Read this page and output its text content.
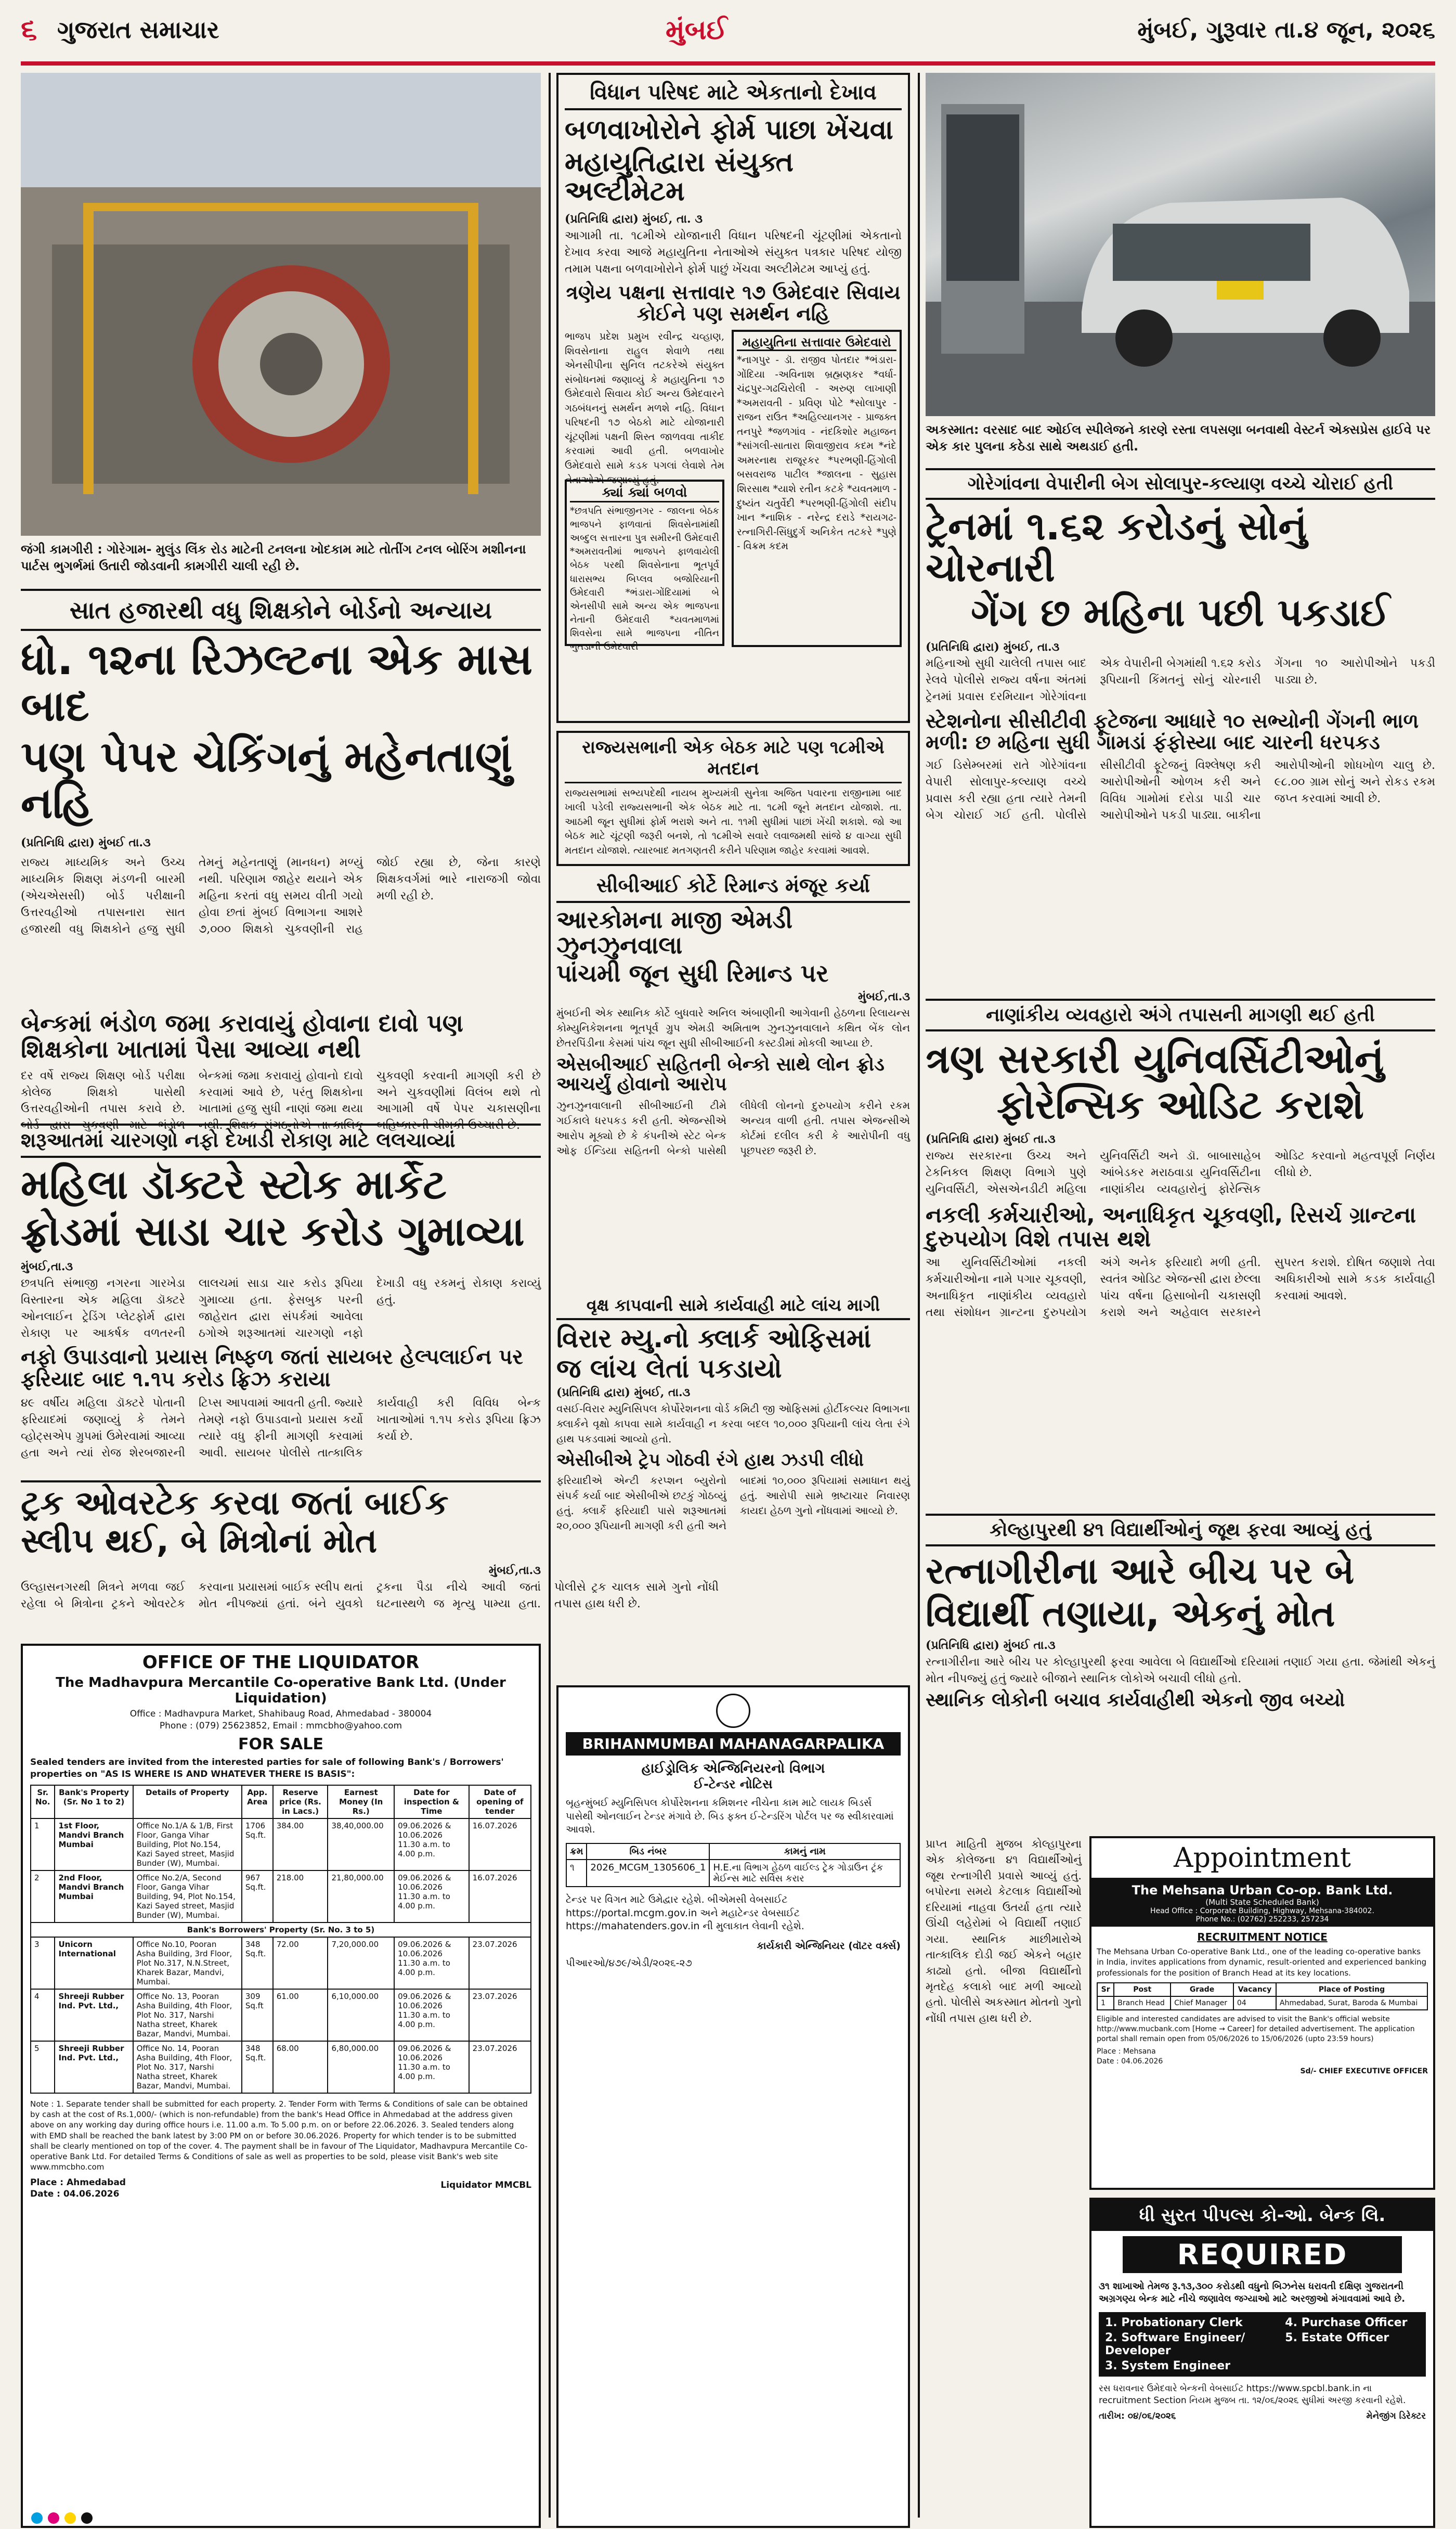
૬ ગુજરાત સમાચાર	મુંબઈ	મુંબઈ, ગુરૂવાર તા.૪ જૂન, ૨૦૨૬
જંગી કામગીરી : ગોરેગામ- મુલુંડ લિંક રોડ માટેની ટનલના ખોદકામ માટે તોતીંગ ટનલ બોરિંગ મશીનના પાર્ટસ ભુગર્ભમાં ઉતારી જોડવાની કામગીરી ચાલી રહી છે.

સાત હજારથી વધુ શિક્ષકોને બોર્ડનો અન્યાય

ધો. ૧૨ના રિઝલ્ટના એક માસ બાદ

પણ પેપર ચેકિંગનું મહેનતાણું નહિ

(પ્રતિનિધિ દ્વારા) મુંબઈ તા.૩

રાજ્ય માધ્યમિક અને ઉચ્ચ માધ્યમિક શિક્ષણ મંડળની બારમી (એચએસસી) બોર્ડ પરીક્ષાની ઉત્તરવહીઓ તપાસનારા સાત હજારથી વધુ શિક્ષકોને હજુ સુધી તેમનું મહેનતાણું (માનધન) મળ્યું નથી. પરિણામ જાહેર થયાને એક મહિના કરતાં વધુ સમય વીતી ગયો હોવા છતાં મુંબઈ વિભાગના આશરે ૭,૦૦૦ શિક્ષકો ચુકવણીની રાહ જોઈ રહ્યા છે, જેના કારણે શિક્ષકવર્ગમાં ભારે નારાજગી જોવા મળી રહી છે.

બેન્કમાં ભંડોળ જમા કરાવાયું હોવાના દાવો પણ શિક્ષકોના ખાતામાં પૈસા આવ્યા નથી

દર વર્ષે રાજ્ય શિક્ષણ બોર્ડ પરીક્ષા કોલેજ શિક્ષકો પાસેથી ઉત્તરવહીઓની તપાસ કરાવે છે. બેન્કમાં જમા કરાવાયું હોવાનો દાવો કરવામાં આવે છે, પરંતુ શિક્ષકોના ખાતામાં હજુ સુધી નાણાં જમા થયા ચુકવણી કરવાની માગણી કરી છે અને ચુકવણીમાં વિલંબ થશે તો આગામી વર્ષે પેપર ચકાસણીના

શરૂઆતમાં ચારગણો નફો દેખાડી રોકાણ માટે લલચાવ્યાં

મહિલા ડૉક્ટરે સ્ટોક માર્કેટ

ફ્રોડમાં સાડા ચાર કરોડ ગુમાવ્યા

મુંબઈ,તા.૩

છત્રપતિ સંભાજી નગરના ગારખેડા વિસ્તારના એક મહિલા ડૉક્ટરે ઓનલાઈન ટ્રેડિંગ પ્લેટફોર્મ દ્વારા રોકાણ પર આકર્ષક વળતરની લાલચમાં સાડા ચાર કરોડ રૂપિયા ગુમાવ્યા હતા. ફેસબુક પરની જાહેરાત દ્વારા સંપર્કમાં આવેલા ઠગોએ શરૂઆતમાં ચારગણો નફો દેખાડી વધુ રકમનું રોકાણ કરાવ્યું હતું.

નફો ઉપાડવાનો પ્રયાસ નિષ્ફળ જતાં સાયબર હેલ્પલાઈન પર ફરિયાદ બાદ ૧.૧૫ કરોડ ફ્રિઝ કરાયા

૪૯ વર્ષીય મહિલા ડૉક્ટરે પોતાની ફરિયાદમાં જણાવ્યું કે તેમને વ્હોટ્સએપ ગ્રુપમાં ઉમેરવામાં આવ્યા હતા અને ત્યાં રોજ શેરબજારની ટિપ્સ આપવામાં આવતી હતી. જ્યારે તેમણે નફો ઉપાડવાનો પ્રયાસ કર્યો ત્યારે વધુ ફીની માગણી કરવામાં આવી. સાયબર પોલીસે તાત્કાલિક કાર્યવાહી કરી વિવિધ બેન્ક ખાતાઓમાં ૧.૧૫ કરોડ રૂપિયા ફ્રિઝ કર્યા છે.

ટ્રક ઓવરટેક કરવા જતાં બાઈક

સ્લીપ થઈ, બે મિત્રોનાં મોત

મુંબઈ,તા.૩

ઉલ્હાસનગરથી મિત્રને મળવા જઈ રહેલા બે મિત્રોના ટ્રકને ઓવરટેક કરવાના પ્રયાસમાં બાઈક સ્લીપ થતાં મોત નીપજ્યાં હતાં. બંને યુવકો ટ્રકના પૈડા નીચે આવી જતાં ઘટનાસ્થળે જ મૃત્યુ પામ્યા હતા. પોલીસે ટ્રક ચાલક સામે ગુનો નોંધી તપાસ હાથ ધરી છે.
OFFICE OF THE LIQUIDATOR
The Madhavpura Mercantile Co-operative Bank Ltd. (Under Liquidation)
Office : Madhavpura Market, Shahibaug Road, Ahmedabad - 380004
Phone : (079) 25623852, Email : mmcbho@yahoo.com
FOR SALE
Sealed tenders are invited from the interested parties for sale of following Bank's / Borrowers' properties on "AS IS WHERE IS AND WHATEVER THERE IS BASIS":
Sr. No.	Bank's Property (Sr. No 1 to 2)	Details of Property	App. Area	Reserve price (Rs. in Lacs.)	Earnest Money (In Rs.)	Date for inspection & Time	Date of opening of tender
1	1st Floor, Mandvi Branch Mumbai	Office No.1/A & 1/B, First Floor, Ganga Vihar Building, Plot No.154, Kazi Sayed street, Masjid Bunder (W), Mumbai.	1706 Sq.ft.	384.00	38,40,000.00	09.06.2026 & 10.06.2026 11.30 a.m. to 4.00 p.m.	16.07.2026
2	2nd Floor, Mandvi Branch Mumbai	Office No.2/A, Second Floor, Ganga Vihar Building, 94, Plot No.154, Kazi Sayed street, Masjid Bunder (W), Mumbai.	967 Sq.ft.	218.00	21,80,000.00	09.06.2026 & 10.06.2026 11.30 a.m. to 4.00 p.m.	16.07.2026
Bank's Borrowers' Property (Sr. No. 3 to 5)							
3	Unicorn International	Office No.10, Pooran Asha Building, 3rd Floor, Plot No.317, N.N.Street, Kharek Bazar, Mandvi, Mumbai.	348 Sq.ft.	72.00	7,20,000.00	09.06.2026 & 10.06.2026 11.30 a.m. to 4.00 p.m.	23.07.2026
4	Shreeji Rubber Ind. Pvt. Ltd.,	Office No. 13, Pooran Asha Building, 4th Floor, Plot No. 317, Narshi Natha street, Kharek Bazar, Mandvi, Mumbai.	309 Sq.ft	61.00	6,10,000.00	09.06.2026 & 10.06.2026 11.30 a.m. to 4.00 p.m.	23.07.2026
5	Shreeji Rubber Ind. Pvt. Ltd.,	Office No. 14, Pooran Asha Building, 4th Floor, Plot No. 317, Narshi Natha street, Kharek Bazar, Mandvi, Mumbai.	348 Sq.ft.	68.00	6,80,000.00	09.06.2026 & 10.06.2026 11.30 a.m. to 4.00 p.m.	23.07.2026
Note : 1. Separate tender shall be submitted for each property. 2. Tender Form with Terms & Conditions of sale can be obtained by cash at the cost of Rs.1,000/- (which is non-refundable) from the bank's Head Office in Ahmedabad at the address given above on any working day during office hours i.e. 11.00 a.m. To 5.00 p.m. on or before 22.06.2026. 3. Sealed tenders along with EMD shall be reached the bank latest by 3:00 PM on or before 30.06.2026. Property for which tender is to be submitted shall be clearly mentioned on top of the cover. 4. The payment shall be in favour of The Liquidator, Madhavpura Mercantile Co-operative Bank Ltd. For detailed Terms & Conditions of sale as well as properties to be sold, please visit Bank's web site www.mmcbho.com
Place : Ahmedabad
Date : 04.06.2026
Liquidator MMCBL

વિધાન પરિષદ માટે એકતાનો દેખાવ

બળવાખોરોને ફોર્મ પાછા ખેંચવા

મહાયુતિદ્વારા સંયુક્ત અલ્ટીમેટમ

(પ્રતિનિધિ દ્વારા) મુંબઈ, તા. ૩

આગામી તા. ૧૮મીએ યોજાનારી વિધાન પરિષદની ચૂંટણીમાં એકતાનો દેખાવ કરવા આજે મહાયુતિના નેતાઓએ સંયુક્ત પત્રકાર પરિષદ યોજી તમામ પક્ષના બળવાખોરોને ફોર્મ પાછું ખેંચવા અલ્ટીમેટમ આપ્યું હતું.

ત્રણેય પક્ષના સત્તાવાર ૧૭ ઉમેદવાર સિવાય કોઈને પણ સમર્થન નહિ

ભાજપ પ્રદેશ પ્રમુખ રવીન્દ્ર ચવ્હાણ, શિવસેનાના રાહુલ શેવાળે તથા એનસીપીના સુનિલ તટકરેએ સંયુક્ત સંબોધનમાં જણાવ્યું કે મહાયુતિના ૧૭ ઉમેદવારો સિવાય કોઈ અન્ય ઉમેદવારને ગઠબંધનનું સમર્થન મળશે નહિ. વિધાન પરિષદની ૧૭ બેઠકો માટે યોજાનારી ચૂંટણીમાં પક્ષની શિસ્ત જાળવવા તાકીદ કરવામાં આવી હતી. બળવાખોર ઉમેદવારો સામે કડક પગલાં લેવાશે તેમ નેતાઓએ જણાવ્યું હતું.
ક્યાં ક્યાં બળવો
*છત્રપતિ સંભાજીનગર - જાલના બેઠક ભાજપને ફાળવાતાં શિવસેનામાંથી અબ્દુલ સત્તારના પુત્ર સમીરની ઉમેદવારી *અમરાવતીમાં ભાજપને ફાળવાયેલી બેઠક પરથી શિવસેનાના ભૂતપૂર્વ ધારાસભ્ય બિપ્લવ બજોરિયાની ઉમેદવારી *ભંડારા-ગોંદિયામાં બે એનસીપી સામે અન્ય એક ભાજપના નેતાની ઉમેદવારી *યવતમાળમાં શિવસેના સામે ભાજપના નીતિન ભુતડાની ઉમેદવારી
મહાયુતિના સત્તાવાર ઉમેદવારો
*નાગપુર - ડૉ. રાજીવ પોતદાર *ભંડારા-ગોંદિયા -અવિનાશ બ્રહ્મણકર *વર્ધા-ચંદ્રપુર-ગઢચિરોલી - અરુણ લાખાણી *અમરાવતી - પ્રવિણ પોટે *સોલાપુર - રાજન રાઉત *અહિલ્યાનગર - પ્રાજક્ત તનપુરે *જળગાંવ - નંદકિશોર મહાજન *સાંગલી-સાતારા શિવાજીરાવ કદમ *નંદે અમરનાથ રાજૂરકર *પરભણી-હિંગોલી બસવરાજ પાટીલ *જાલના - સુહાસ શિરસાથ *યાશે રતીન કટકે *યવતમાળ - દુષ્યંત ચતુર્વેદી *પરભણી-હિંગોલી સંદીપ ખાન *નાશિક - નરેન્દ્ર દરાડે *રાયગઢ-રત્નાગિરી-સિંધુદુર્ગ અનિકેત તટકરે *પુણે - વિક્રમ કદમ

રાજ્યસભાની એક બેઠક માટે પણ ૧૮મીએ મતદાન

રાજ્યસભામાં સભ્યપદેથી નાયબ મુખ્યમંત્રી સુનેત્રા અજિત પવારના રાજીનામા બાદ ખાલી પડેલી રાજ્યસભાની એક બેઠક માટે તા. ૧૮મી જૂને મતદાન યોજાશે. તા. આઠમી જૂન સુધીમાં ફોર્મ ભરાશે અને તા. ૧૧મી સુધીમાં પાછાં ખેંચી શકાશે. જો આ બેઠક માટે ચૂંટણી જરૂરી બનશે, તો ૧૮મીએ સવારે લવાજમથી સાંજે ૪ વાગ્યા સુધી મતદાન યોજાશે. ત્યારબાદ મતગણતરી કરીને પરિણામ જાહેર કરવામાં આવશે.

સીબીઆઈ કોર્ટે રિમાન્ડ મંજૂર કર્યા

આરકોમના માજી એમડી ઝુનઝુનવાલા

પાંચમી જૂન સુધી રિમાન્ડ પર

મુંબઈ,તા.૩

મુંબઈની એક સ્થાનિક કોર્ટે બુધવારે અનિલ અંબાણીની આગેવાની હેઠળના રિલાયન્સ કોમ્યુનિકેશનના ભૂતપૂર્વ ગ્રુપ એમડી અમિતાભ ઝુનઝુનવાલાને કથિત બેંક લોન છેતરપિંડીના કેસમાં પાંચ જૂન સુધી સીબીઆઈની કસ્ટડીમાં મોકલી આપ્યા છે.

એસબીઆઈ સહિતની બેન્કો સાથે લોન ફ્રોડ આચર્યું હોવાનો આરોપ

ઝુનઝુનવાલાની સીબીઆઈની ટીમે ગઈકાલે ધરપકડ કરી હતી. એજન્સીએ આરોપ મૂક્યો છે કે કંપનીએ સ્ટેટ બેન્ક ઓફ ઈન્ડિયા સહિતની બેન્કો પાસેથી લીધેલી લોનનો દુરુપયોગ કરીને રકમ અન્યત્ર વાળી હતી. તપાસ એજન્સીએ કોર્ટમાં દલીલ કરી કે આરોપીની વધુ પૂછપરછ જરૂરી છે.

વૃક્ષ કાપવાની સામે કાર્યવાહી માટે લાંચ માગી

વિરાર મ્યુ.નો ક્લાર્ક ઓફિસમાં

જ લાંચ લેતાં પકડાયો

(પ્રતિનિધિ દ્વારા) મુંબઈ, તા.૩

વસઈ-વિરાર મ્યુનિસિપલ કોર્પોરેશનના વોર્ડ કમિટી જી ઓફિસમાં હોર્ટીકલ્ચર વિભાગના ક્લાર્કને વૃક્ષો કાપવા સામે કાર્યવાહી ન કરવા બદલ ૧૦,૦૦૦ રૂપિયાની લાંચ લેતા રંગે હાથ પકડવામાં આવ્યો હતો.

એસીબીએ ટ્રેપ ગોઠવી રંગે હાથ ઝડપી લીધો

ફરિયાદીએ એન્ટી કરપ્શન બ્યુરોનો સંપર્ક કર્યા બાદ એસીબીએ છટકું ગોઠવ્યું હતું. ક્લાર્કે ફરિયાદી પાસે શરૂઆતમાં ૨૦,૦૦૦ રૂપિયાની માગણી કરી હતી અને બાદમાં ૧૦,૦૦૦ રૂપિયામાં સમાધાન થયું હતું. આરોપી સામે ભ્રષ્ટાચાર નિવારણ કાયદા હેઠળ ગુનો નોંધવામાં આવ્યો છે.
BRIHANMUMBAI MAHANAGARPALIKA
હાઈડ્રોલિક એન્જિનિયરનો વિભાગ
ઈ-ટેન્ડર નોટિસ
બૃહન્મુંબઈ મ્યુનિસિપલ કોર્પોરેશનના કમિશનર નીચેના કામ માટે લાયક બિડર્સ પાસેથી ઓનલાઈન ટેન્ડર મંગાવે છે. બિડ ફક્ત ઈ-ટેન્ડરિંગ પોર્ટલ પર જ સ્વીકારવામાં આવશે.
ક્રમ	બિડ નંબર	કામનું નામ
૧	2026_MCGM_1305606_1	H.E.ના વિભાગ હેઠળ વાઈલ્ડ ટ્રેક ગોડાઉન ટ્રંક મેઈન્સ માટે સર્વિસ કરાર
ટેન્ડર પર વિગત માટે ઉમેદ્વાર રહેશે. બીએમસી વેબસાઈટ https://portal.mcgm.gov.in અને મહાટેન્ડર વેબસાઈટ https://mahatenders.gov.in ની મુલાકાત લેવાની રહેશે.
કાર્યકારી એન્જિનિયર (વૉટર વર્ક્સ)
પીઆરઓ/૪૭૯/એડી/૨૦૨૬-૨૭
અકસ્માત: વરસાદ બાદ ઓઈલ સ્પીલેજને કારણે રસ્તા લપસણા બનવાથી વેસ્ટર્ન એક્સપ્રેસ હાઈવે પર એક કાર પુલના કઠેડા સાથે અથડાઈ હતી.

ગોરેગાંવના વેપારીની બેગ સોલાપુર-કલ્યાણ વચ્ચે ચોરાઈ હતી

ટ્રેનમાં ૧.૬૨ કરોડનું સોનું ચોરનારી

ગેંગ છ મહિના પછી પકડાઈ

(પ્રતિનિધિ દ્વારા) મુંબઈ, તા.૩

મહિનાઓ સુધી ચાલેલી તપાસ બાદ રેલવે પોલીસે રાજ્ય વર્ષના અંતમાં ટ્રેનમાં પ્રવાસ દરમિયાન ગોરેગાંવના એક વેપારીની બેગમાંથી ૧.૬૨ કરોડ રૂપિયાની કિંમતનું સોનું ચોરનારી ગેંગના ૧૦ આરોપીઓને પકડી પાડ્યા છે.

સ્ટેશનોના સીસીટીવી ફૂટેજના આધારે ૧૦ સભ્યોની ગેંગની ભાળ મળી: છ મહિના સુધી ગામડાં ફંફોસ્યા બાદ ચારની ધરપકડ

ગઈ ડિસેમ્બરમાં રાતે ગોરેગાંવના વેપારી સોલાપુર-કલ્યાણ વચ્ચે પ્રવાસ કરી રહ્યા હતા ત્યારે તેમની બેગ ચોરાઈ ગઈ હતી. પોલીસે સીસીટીવી ફૂટેજનું વિશ્લેષણ કરી આરોપીઓની ઓળખ કરી અને વિવિધ ગામોમાં દરોડા પાડી ચાર આરોપીઓને પકડી પાડ્યા. બાકીના આરોપીઓની શોધખોળ ચાલુ છે. ૯૮.૦૦ ગ્રામ સોનું અને રોકડ રકમ જપ્ત કરવામાં આવી છે.

નાણાંકીય વ્યવહારો અંગે તપાસની માગણી થઈ હતી

ત્રણ સરકારી યુનિવર્સિટીઓનું

ફોરેન્સિક ઓડિટ કરાશે

(પ્રતિનિધિ દ્વારા) મુંબઈ તા.૩

રાજ્ય સરકારના ઉચ્ચ અને ટેકનિકલ શિક્ષણ વિભાગે પુણે યુનિવર્સિટી, એસએનડીટી મહિલા યુનિવર્સિટી અને ડૉ. બાબાસાહેબ આંબેડકર મરાઠવાડા યુનિવર્સિટીના નાણાંકીય વ્યવહારોનું ફોરેન્સિક ઓડિટ કરવાનો મહત્વપૂર્ણ નિર્ણય લીધો છે.

નકલી કર્મચારીઓ, અનાધિકૃત ચૂકવણી, રિસર્ચ ગ્રાન્ટના દુરુપયોગ વિશે તપાસ થશે

આ યુનિવર્સિટીઓમાં નકલી કર્મચારીઓના નામે પગાર ચૂકવણી, અનાધિકૃત નાણાંકીય વ્યવહારો તથા સંશોધન ગ્રાન્ટના દુરુપયોગ અંગે અનેક ફરિયાદો મળી હતી. સ્વતંત્ર ઓડિટ એજન્સી દ્વારા છેલ્લા પાંચ વર્ષના હિસાબોની ચકાસણી કરાશે અને અહેવાલ સરકારને સુપરત કરાશે. દોષિત જણાશે તેવા અધિકારીઓ સામે કડક કાર્યવાહી કરવામાં આવશે.

કોલ્હાપુરથી ૪૧ વિદ્યાર્થીઓનું જૂથ ફરવા આવ્યું હતું

રત્નાગીરીના આરે બીચ પર બે

વિદ્યાર્થી તણાયા, એકનું મોત

(પ્રતિનિધિ દ્વારા) મુંબઈ તા.૩

રત્નાગીરીના આરે બીચ પર કોલ્હાપુરથી ફરવા આવેલા બે વિદ્યાર્થીઓ દરિયામાં તણાઈ ગયા હતા. જેમાંથી એકનું મોત નીપજ્યું હતું જ્યારે બીજાને સ્થાનિક લોકોએ બચાવી લીધો હતો.

સ્થાનિક લોકોની બચાવ કાર્યવાહીથી એકનો જીવ બચ્યો

પ્રાપ્ત માહિતી મુજબ કોલ્હાપુરના એક કોલેજના ૪૧ વિદ્યાર્થીઓનું જૂથ રત્નાગીરી પ્રવાસે આવ્યું હતું. બપોરના સમયે કેટલાક વિદ્યાર્થીઓ દરિયામાં નાહવા ઉતર્યા હતા ત્યારે ઊંચી લહેરોમાં બે વિદ્યાર્થી તણાઈ ગયા. સ્થાનિક માછીમારોએ તાત્કાલિક દોડી જઈ એકને બહાર કાઢ્યો હતો. બીજા વિદ્યાર્થીનો મૃતદેહ કલાકો બાદ મળી આવ્યો હતો. પોલીસે અકસ્માત મોતનો ગુનો નોંધી તપાસ હાથ ધરી છે.
Appointment
The Mehsana Urban Co-op. Bank Ltd.
(Multi State Scheduled Bank)
Head Office : Corporate Building, Highway, Mehsana-384002.
Phone No.: (02762) 252233, 257234
RECRUITMENT NOTICE
The Mehsana Urban Co-operative Bank Ltd., one of the leading co-operative banks in India, invites applications from dynamic, result-oriented and experienced banking professionals for the position of Branch Head at its key locations.
Sr	Post	Grade	Vacancy	Place of Posting
1	Branch Head	Chief Manager	04	Ahmedabad, Surat, Baroda & Mumbai
Eligible and interested candidates are advised to visit the Bank's official website http://www.mucbank.com [Home → Career] for detailed advertisement. The application portal shall remain open from 05/06/2026 to 15/06/2026 (upto 23:59 hours)
Place : Mehsana
Date : 04.06.2026
Sd/- CHIEF EXECUTIVE OFFICER
ધી સુરત પીપલ્સ કો-ઓ. બેન્ક લિ.
REQUIRED
૩૧ શાખાઓ તેમજ રૂ.૧૩,૩૦૦ કરોડથી વધુનો બિઝનેસ ધરાવતી દક્ષિણ ગુજરાતની અગ્રગણ્ય બેન્ક માટે નીચે જણાવેલ જગ્યાઓ માટે અરજીઓ મંગાવવામાં આવે છે.
1. Probationary Clerk	4. Purchase Officer
2. Software Engineer/ Developer
5. Estate Officer
3. System Engineer
રસ ધરાવનાર ઉમેદવારે બેન્કની વેબસાઈટ https://www.spcbl.bank.in ના recruitment Section નિયમ મુજબ તા. ૧૨/૦૬/૨૦૨૬ સુધીમાં અરજી કરવાની રહેશે.
તારીખ: ૦૪/૦૬/૨૦૨૬	મેનેજીંગ ડિરેક્ટર
